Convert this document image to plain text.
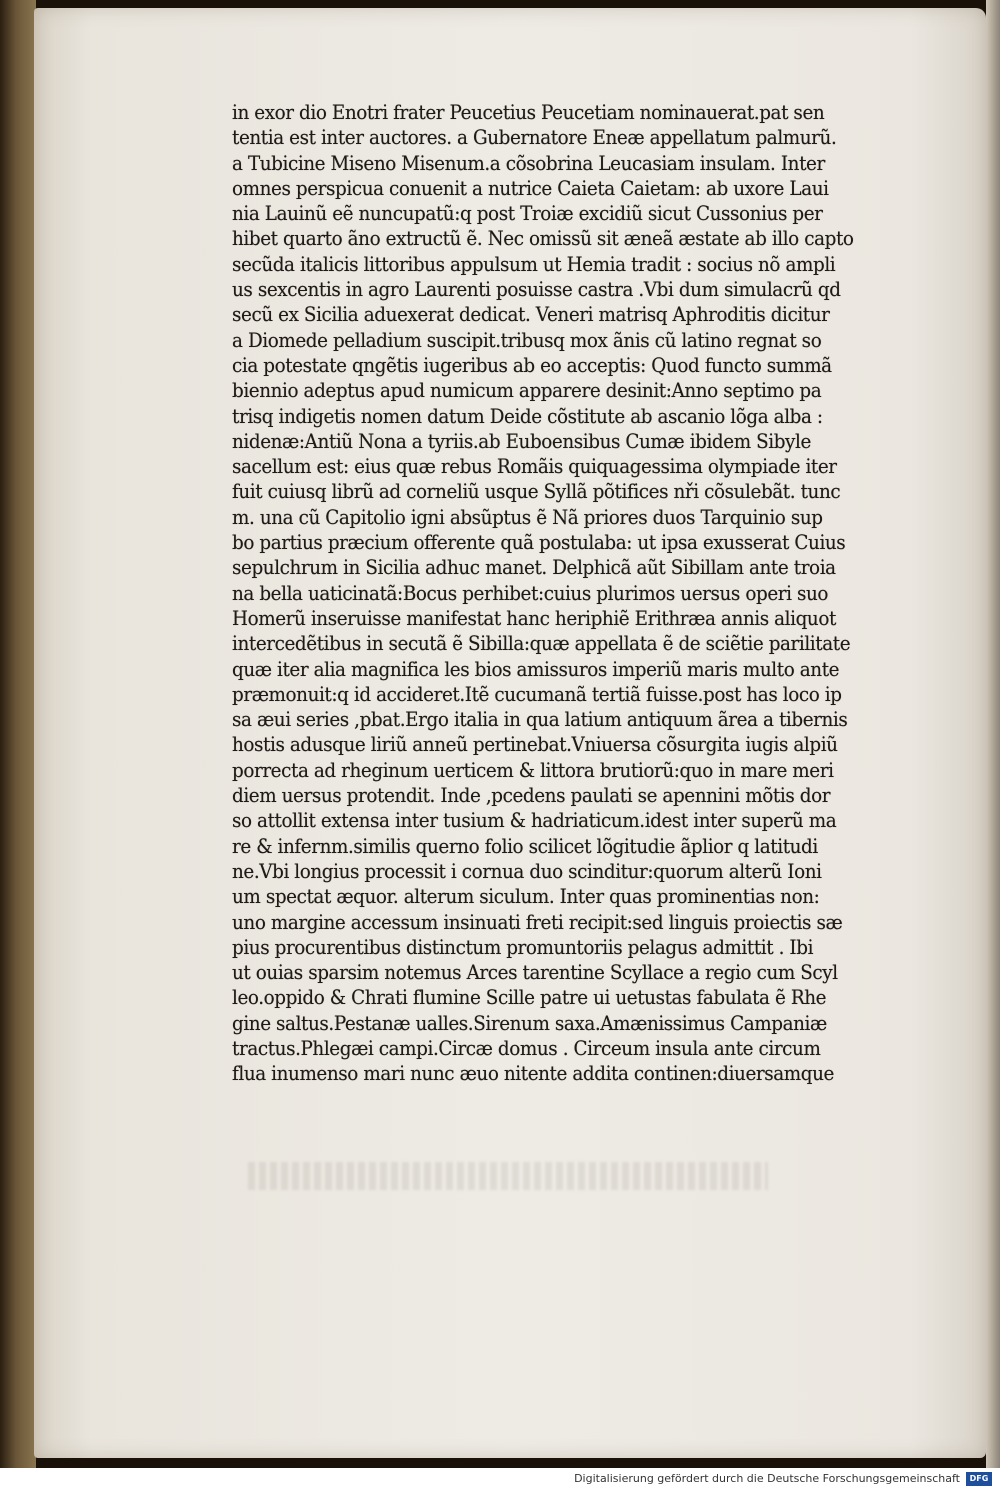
in exor dio Enotri frater Peucetius Peucetiam nominauerat.pat sen
tentia est inter auctores. a Gubernatore Eneæ appellatum palmurũ.
a Tubicine Miseno Misenum.a cõsobrina Leucasiam insulam. Inter
omnes perspicua conuenit a nutrice Caieta Caietam: ab uxore Laui
nia Lauinũ eẽ nuncupatũ:q post Troiæ excidiũ sicut Cussonius per
hibet quarto ãno extructũ ẽ. Nec omissũ sit æneã æstate ab illo capto
secũda italicis littoribus appulsum ut Hemia tradit : socius nõ ampli
us sexcentis in agro Laurenti posuisse castra .Vbi dum simulacrũ qd
secũ ex Sicilia aduexerat dedicat. Veneri matrisq Aphroditis dicitur
a Diomede pelladium suscipit.tribusq mox ãnis cũ latino regnat so
cia potestate qngẽtis iugeribus ab eo acceptis: Quod functo summã
biennio adeptus apud numicum apparere desinit:Anno septimo pa
trisq indigetis nomen datum Deide cõstitute ab ascanio lõga alba :
nidenæ:Antiũ Nona a tyriis.ab Euboensibus Cumæ ibidem Sibyle
sacellum est: eius quæ rebus Romãis quiquagessima olympiade iter
fuit cuiusq librũ ad corneliũ usque Syllã põtifices nři cõsulebãt. tunc
m. una cũ Capitolio igni absũptus ẽ Nã priores duos Tarquinio sup
bo partius præcium offerente quã postulaba: ut ipsa exusserat Cuius
sepulchrum in Sicilia adhuc manet. Delphicã aũt Sibillam ante troia
na bella uaticinatã:Bocus perhibet:cuius plurimos uersus operi suo
Homerũ inseruisse manifestat hanc heriphiẽ Erithræa annis aliquot
intercedẽtibus in secutã ẽ Sibilla:quæ appellata ẽ de sciẽtie parilitate
quæ iter alia magnifica les bios amissuros imperiũ maris multo ante
præmonuit:q id accideret.Itẽ cucumanã tertiã fuisse.post has loco ip
sa æui series ,pbat.Ergo italia in qua latium antiquum ãrea a tibernis
hostis adusque liriũ anneũ pertinebat.Vniuersa cõsurgita iugis alpiũ
porrecta ad rheginum uerticem & littora brutiorũ:quo in mare meri
diem uersus protendit. Inde ,pcedens paulati se apennini mõtis dor
so attollit extensa inter tusium & hadriaticum.idest inter superũ ma
re & infernm.similis querno folio scilicet lõgitudie ãplior q latitudi
ne.Vbi longius processit i cornua duo scinditur:quorum alterũ Ioni
um spectat æquor. alterum siculum. Inter quas prominentias non:
uno margine accessum insinuati freti recipit:sed linguis proiectis sæ
pius procurentibus distinctum promuntoriis pelagus admittit . Ibi
ut ouias sparsim notemus Arces tarentine Scyllace a regio cum Scyl
leo.oppido & Chrati flumine Scille patre ui uetustas fabulata ẽ Rhe
gine saltus.Pestanæ ualles.Sirenum saxa.Amænissimus Campaniæ
tractus.Phlegæi campi.Circæ domus . Circeum insula ante circum
flua inumenso mari nunc æuo nitente addita continen:diuersamque
Digitalisierung gefördert durch die Deutsche Forschungsgemeinschaft	DFG
